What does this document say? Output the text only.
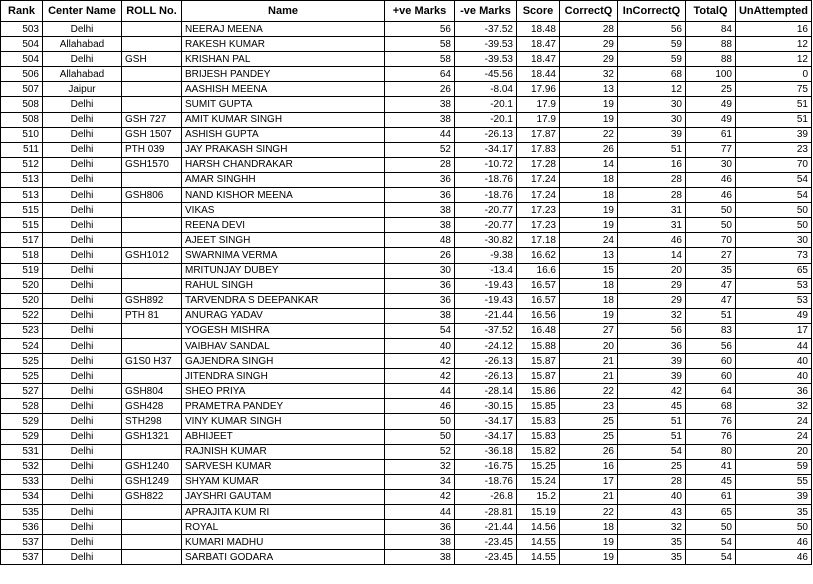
Rank	Center Name	ROLL No.	Name	+ve Marks	-ve Marks	Score	CorrectQ	InCorrectQ	TotalQ	UnAttempted
503	Delhi		NEERAJ MEENA	56	-37.52	18.48	28	56	84	16
504	Allahabad		RAKESH KUMAR	58	-39.53	18.47	29	59	88	12
504	Delhi	GSH	KRISHAN PAL	58	-39.53	18.47	29	59	88	12
506	Allahabad		BRIJESH PANDEY	64	-45.56	18.44	32	68	100	0
507	Jaipur		AASHISH MEENA	26	-8.04	17.96	13	12	25	75
508	Delhi		SUMIT GUPTA	38	-20.1	17.9	19	30	49	51
508	Delhi	GSH 727	AMIT KUMAR SINGH	38	-20.1	17.9	19	30	49	51
510	Delhi	GSH 1507	ASHISH GUPTA	44	-26.13	17.87	22	39	61	39
511	Delhi	PTH 039	JAY PRAKASH SINGH	52	-34.17	17.83	26	51	77	23
512	Delhi	GSH1570	HARSH CHANDRAKAR	28	-10.72	17.28	14	16	30	70
513	Delhi		AMAR SINGHH	36	-18.76	17.24	18	28	46	54
513	Delhi	GSH806	NAND KISHOR MEENA	36	-18.76	17.24	18	28	46	54
515	Delhi		VIKAS	38	-20.77	17.23	19	31	50	50
515	Delhi		REENA DEVI	38	-20.77	17.23	19	31	50	50
517	Delhi		AJEET SINGH	48	-30.82	17.18	24	46	70	30
518	Delhi	GSH1012	SWARNIMA VERMA	26	-9.38	16.62	13	14	27	73
519	Delhi		MRITUNJAY DUBEY	30	-13.4	16.6	15	20	35	65
520	Delhi		RAHUL SINGH	36	-19.43	16.57	18	29	47	53
520	Delhi	GSH892	TARVENDRA S DEEPANKAR	36	-19.43	16.57	18	29	47	53
522	Delhi	PTH 81	ANURAG YADAV	38	-21.44	16.56	19	32	51	49
523	Delhi		YOGESH MISHRA	54	-37.52	16.48	27	56	83	17
524	Delhi		VAIBHAV SANDAL	40	-24.12	15.88	20	36	56	44
525	Delhi	G1S0 H37	GAJENDRA SINGH	42	-26.13	15.87	21	39	60	40
525	Delhi		JITENDRA SINGH	42	-26.13	15.87	21	39	60	40
527	Delhi	GSH804	SHEO PRIYA	44	-28.14	15.86	22	42	64	36
528	Delhi	GSH428	PRAMETRA PANDEY	46	-30.15	15.85	23	45	68	32
529	Delhi	STH298	VINY KUMAR SINGH	50	-34.17	15.83	25	51	76	24
529	Delhi	GSH1321	ABHIJEET	50	-34.17	15.83	25	51	76	24
531	Delhi		RAJNISH KUMAR	52	-36.18	15.82	26	54	80	20
532	Delhi	GSH1240	SARVESH KUMAR	32	-16.75	15.25	16	25	41	59
533	Delhi	GSH1249	SHYAM KUMAR	34	-18.76	15.24	17	28	45	55
534	Delhi	GSH822	JAYSHRI GAUTAM	42	-26.8	15.2	21	40	61	39
535	Delhi		APRAJITA KUM RI	44	-28.81	15.19	22	43	65	35
536	Delhi		ROYAL	36	-21.44	14.56	18	32	50	50
537	Delhi		KUMARI MADHU	38	-23.45	14.55	19	35	54	46
537	Delhi		SARBATI GODARA	38	-23.45	14.55	19	35	54	46
